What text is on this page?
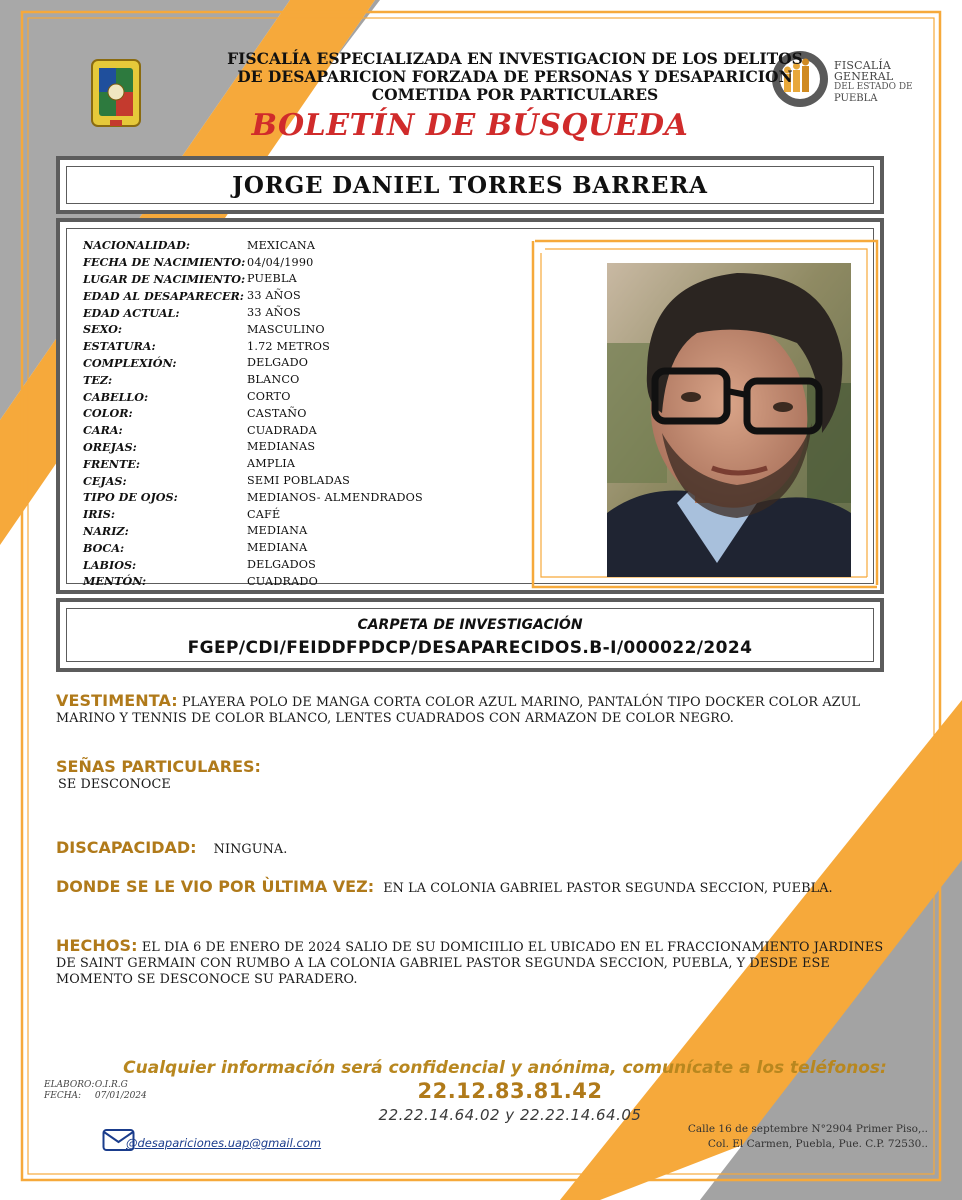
FISCALÍA GENERAL
DEL ESTADO DE
PUEBLA
FISCALÍA ESPECIALIZADA EN INVESTIGACION DE LOS DELITOS
DE DESAPARICION FORZADA DE PERSONAS Y DESAPARICION
COMETIDA POR PARTICULARES
BOLETÍN DE BÚSQUEDA
JORGE DANIEL TORRES BARRERA
NACIONALIDAD:	MEXICANA
FECHA DE NACIMIENTO: 04/04/1990
LUGAR DE NACIMIENTO: PUEBLA
EDAD AL DESAPARECER: 33 AÑOS
EDAD ACTUAL:	33 AÑOS
SEXO:	MASCULINO
ESTATURA:	1.72 METROS
COMPLEXIÓN:	DELGADO
TEZ:	BLANCO
CABELLO:	CORTO
COLOR:	CASTAÑO
CARA:	CUADRADA
OREJAS:	MEDIANAS
FRENTE:	AMPLIA
CEJAS:	SEMI POBLADAS
TIPO DE OJOS:	MEDIANOS- ALMENDRADOS
IRIS:	CAFÉ
NARIZ:	MEDIANA
BOCA:	MEDIANA
LABIOS:	DELGADOS
MENTÓN:	CUADRADO
CARPETA DE INVESTIGACIÓN
FGEP/CDI/FEIDDFPDCP/DESAPARECIDOS.B-I/000022/2024
VESTIMENTA: PLAYERA POLO DE MANGA CORTA COLOR AZUL MARINO, PANTALÓN TIPO DOCKER COLOR AZUL MARINO Y TENNIS DE COLOR BLANCO, LENTES CUADRADOS CON ARMAZON DE COLOR NEGRO.
SEÑAS PARTICULARES:
SE DESCONOCE
DISCAPACIDAD: NINGUNA.
DONDE SE LE VIO POR ÙLTIMA VEZ: EN LA COLONIA GABRIEL PASTOR SEGUNDA SECCION, PUEBLA.
HECHOS: EL DIA 6 DE ENERO DE 2024 SALIO DE SU DOMICIILIO EL UBICADO EN EL FRACCIONAMIENTO JARDINES DE SAINT GERMAIN CON RUMBO A LA COLONIA GABRIEL PASTOR SEGUNDA SECCION, PUEBLA, Y DESDE ESE MOMENTO SE DESCONOCE SU PARADERO.
Cualquier información será confidencial y anónima, comunícate a los teléfonos:
22.12.83.81.42
22.22.14.64.02 y 22.22.14.64.05
ELABORO: O.I.R.G
FECHA: 07/01/2024
@desapariciones.uap@gmail.com
Calle 16 de septembre N°2904 Primer Piso,..
Col. El Carmen, Puebla, Pue. C.P. 72530..
